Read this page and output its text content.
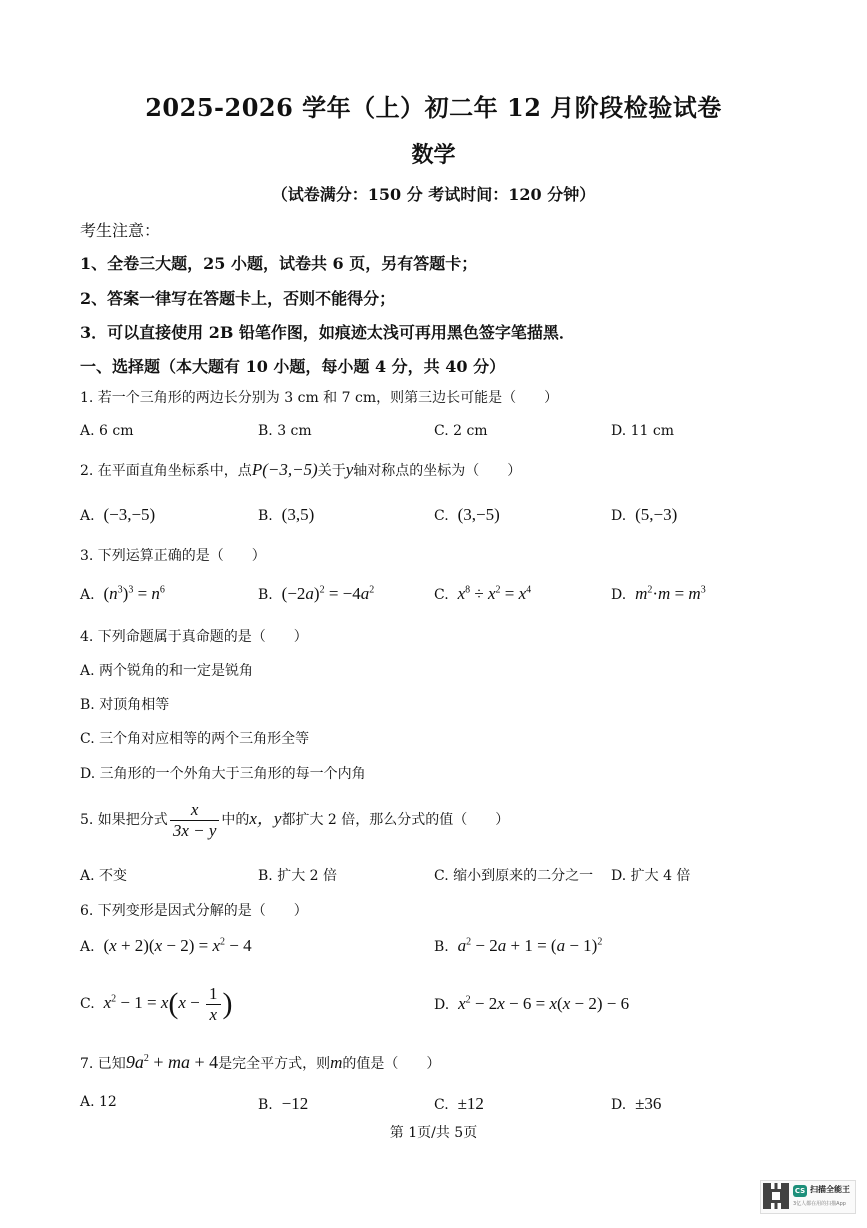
2025-2026 学年（上）初二年 12 月阶段检验试卷
数学
（试卷满分：150 分 考试时间：120 分钟）
考生注意：
1、全卷三大题，25 小题，试卷共 6 页，另有答题卡；
2、答案一律写在答题卡上，否则不能得分；
3．可以直接使用 2B 铅笔作图，如痕迹太浅可再用黑色签字笔描黑．
一、选择题（本大题有 10 小题，每小题 4 分，共 40 分）
1. 若一个三角形的两边长分别为 3 cm 和 7 cm，则第三边长可能是（　　）
A. 6 cm	B. 3 cm	C. 2 cm	D. 11 cm
2. 在平面直角坐标系中，点P(−3,−5)关于y轴对称点的坐标为（　　）
A. (−3,−5)	B. (3,5)	C. (3,−5)	D. (5,−3)
3. 下列运算正确的是（　　）
A. $(n^3)^3 = n^6$	B. $(-2a)^2 = -4a^2$	C. $x^8 \div x^2 = x^4$	D. $m^2\cdot m = m^3$
4. 下列命题属于真命题的是（　　）
A. 两个锐角的和一定是锐角
B. 对顶角相等
C. 三个角对应相等的两个三角形全等
D. 三角形的一个外角大于三角形的每一个内角
5. 如果把分式 $\frac{x}{3x - y}$ 中的x，y都扩大 2 倍，那么分式的值（　　）
A. 不变	B. 扩大 2 倍	C. 缩小到原来的二分之一 D. 扩大 4 倍
6. 下列变形是因式分解的是（　　）
A. $(x + 2)(x - 2) = x^2 - 4$	B. $a^2 - 2a + 1 = (a - 1)^2$
C. $x^2 - 1 = x(x - \frac{1}{x}$ )	D. $x^2 - 2x - 6 = x(x - 2) - 6$
7. 已知$9a^2$ + ma + 4是完全平方式，则m的值是（　　）
A. 12	B. −12	C. ±12	D. ±36
第 1页/共 5页
CS 扫描全能王
3亿人都在用的扫描App
